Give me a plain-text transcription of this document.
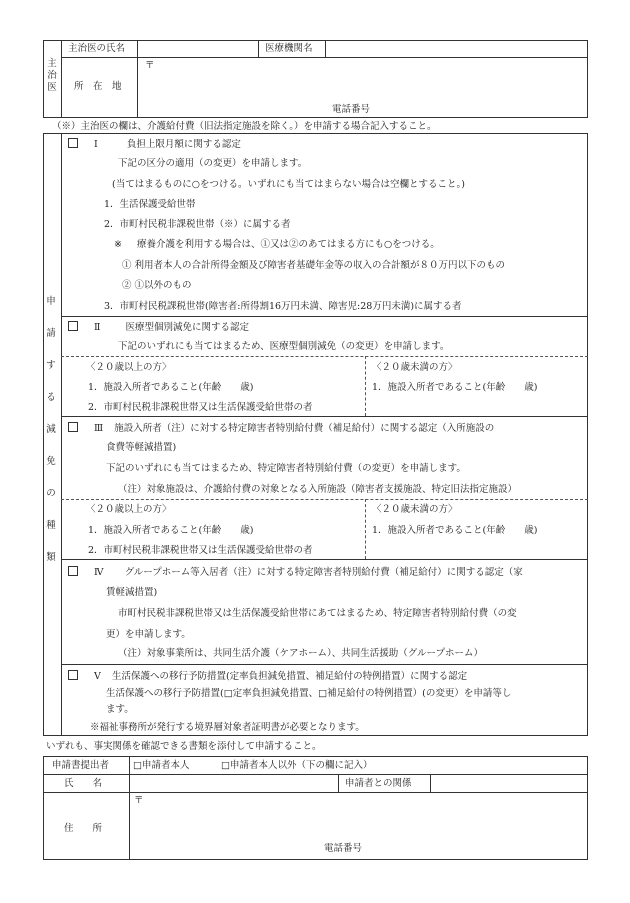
主治医
主治医の氏名	医療機関名
所　在　地
〒
電話番号
（※）主治医の欄は、介護給付費（旧法指定施設を除く。）を申請する場合記入すること。
申
請
す
る
減
免
の
種
類
Ⅰ	負担上限月額に関する認定
下記の区分の適用（の変更）を申請します。
(当てはまるものに○をつける。いずれにも当てはまらない場合は空欄とすること。)
1．生活保護受給世帯
2．市町村民税非課税世帯（※）に属する者
※ 療養介護を利用する場合は、①又は②のあてはまる方にも○をつける。
① 利用者本人の合計所得金額及び障害者基礎年金等の収入の合計額が８０万円以下のもの
② ①以外のもの
3．市町村民税課税世帯(障害者:所得割16万円未満、障害児:28万円未満)に属する者
Ⅱ	医療型個別減免に関する認定
下記のいずれにも当てはまるため、医療型個別減免（の変更）を申請します。
〈２０歳以上の方〉
1．施設入所者であること(年齢　　歳)
2．市町村民税非課税世帯又は生活保護受給世帯の者
〈２０歳未満の方〉
1．施設入所者であること(年齢　　歳)
Ⅲ 施設入所者（注）に対する特定障害者特別給付費（補足給付）に関する認定（入所施設の
食費等軽減措置)
下記のいずれにも当てはまるため、特定障害者特別給付費（の変更）を申請します。
（注）対象施設は、介護給付費の対象となる入所施設（障害者支援施設、特定旧法指定施設）
〈２０歳以上の方〉
1．施設入所者であること(年齢　　歳)
2．市町村民税非課税世帯又は生活保護受給世帯の者
〈２０歳未満の方〉
1．施設入所者であること(年齢　　歳)
Ⅳ グループホーム等入居者（注）に対する特定障害者特別給付費（補足給付）に関する認定（家
賃軽減措置)
市町村民税非課税世帯又は生活保護受給世帯にあてはまるため、特定障害者特別給付費（の変
更）を申請します。
（注）対象事業所は、共同生活介護（ケアホーム）、共同生活援助（グループホーム）
Ⅴ 生活保護への移行予防措置(定率負担減免措置、補足給付の特例措置）に関する認定
生活保護への移行予防措置(□定率負担減免措置、□補足給付の特例措置）(の変更）を申請等し
ます。
※福祉事務所が発行する境界層対象者証明書が必要となります。
いずれも、事実関係を確認できる書類を添付して申請すること。
申請書提出者	□申請者本人	□申請者本人以外（下の欄に記入）
氏　　名	申請者との関係
住　　所
〒
電話番号
